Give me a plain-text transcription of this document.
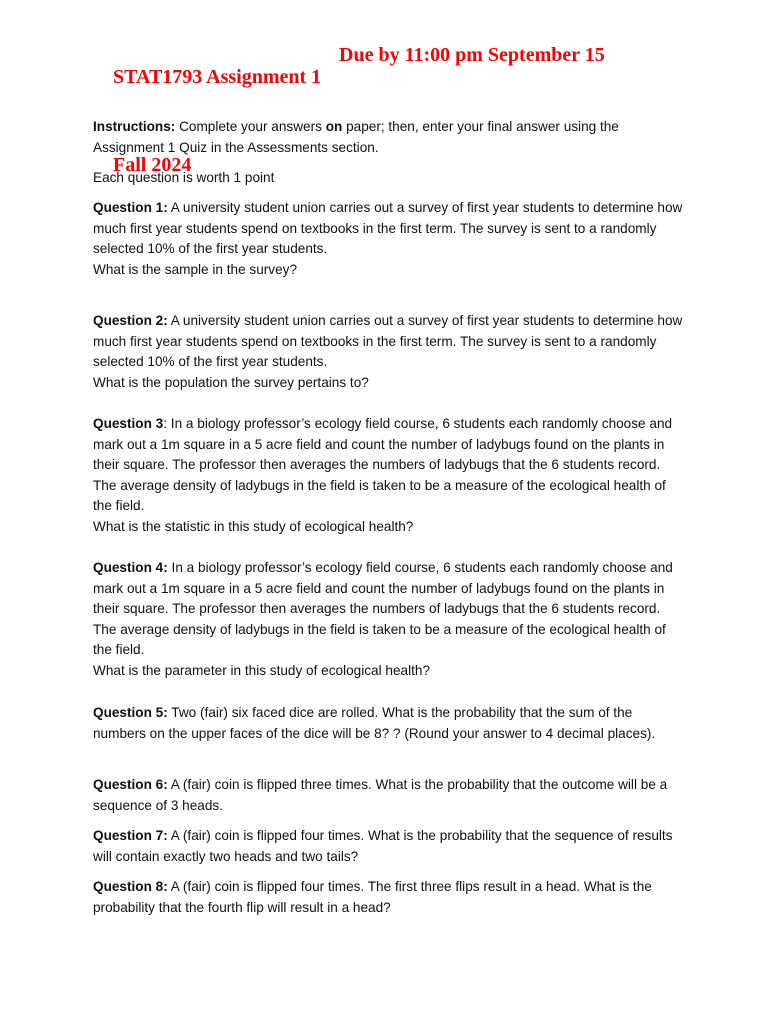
STAT1793 Assignment 1

Due by 11:00 pm September 15

Fall 2024

Instructions: Complete your answers on paper; then, enter your final answer using the Assignment 1 Quiz in the Assessments section.

Each question is worth 1 point

Question 1: A university student union carries out a survey of first year students to determine how much first year students spend on textbooks in the first term. The survey is sent to a randomly selected 10% of the first year students.
What is the sample in the survey?

Question 2: A university student union carries out a survey of first year students to determine how much first year students spend on textbooks in the first term. The survey is sent to a randomly selected 10% of the first year students.
What is the population the survey pertains to?

Question 3: In a biology professor’s ecology field course, 6 students each randomly choose and mark out a 1m square in a 5 acre field and count the number of ladybugs found on the plants in their square. The professor then averages the numbers of ladybugs that the 6 students record. The average density of ladybugs in the field is taken to be a measure of the ecological health of the field.
What is the statistic in this study of ecological health?

Question 4: In a biology professor’s ecology field course, 6 students each randomly choose and mark out a 1m square in a 5 acre field and count the number of ladybugs found on the plants in their square. The professor then averages the numbers of ladybugs that the 6 students record. The average density of ladybugs in the field is taken to be a measure of the ecological health of the field.
What is the parameter in this study of ecological health?

Question 5: Two (fair) six faced dice are rolled. What is the probability that the sum of the numbers on the upper faces of the dice will be 8? ? (Round your answer to 4 decimal places).

Question 6: A (fair) coin is flipped three times. What is the probability that the outcome will be a sequence of 3 heads.

Question 7: A (fair) coin is flipped four times. What is the probability that the sequence of results will contain exactly two heads and two tails?

Question 8: A (fair) coin is flipped four times. The first three flips result in a head. What is the probability that the fourth flip will result in a head?
